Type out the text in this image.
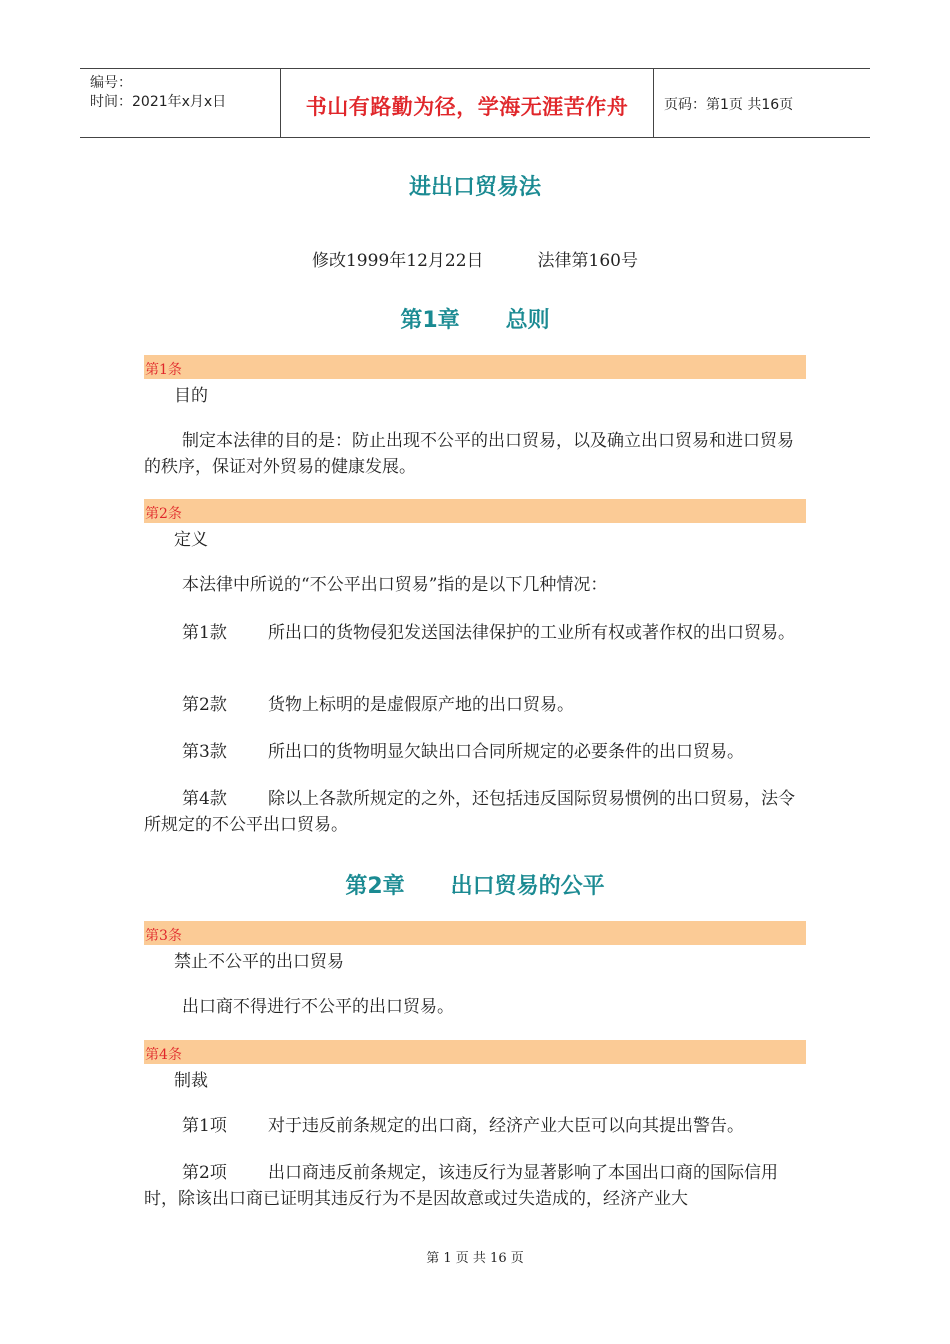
编号：
时间：2021年x月x日	书山有路勤为径，学海无涯苦作舟	页码：第1页 共16页
进出口贸易法
修改1999年12月22日          法律第160号
第1章      总则
第1条
目的
制定本法律的目的是：防止出现不公平的出口贸易，以及确立出口贸易和进口贸易的秩序，保证对外贸易的健康发展。
第2条
定义
本法律中所说的“不公平出口贸易”指的是以下几种情况：
第1款 所出口的货物侵犯发送国法律保护的工业所有权或著作权的出口贸易。
第2款 货物上标明的是虚假原产地的出口贸易。
第3款 所出口的货物明显欠缺出口合同所规定的必要条件的出口贸易。
第4款 除以上各款所规定的之外，还包括违反国际贸易惯例的出口贸易，法令所规定的不公平出口贸易。
第2章      出口贸易的公平
第3条
禁止不公平的出口贸易
出口商不得进行不公平的出口贸易。
第4条
制裁
第1项 对于违反前条规定的出口商，经济产业大臣可以向其提出警告。
第2项 出口商违反前条规定，该违反行为显著影响了本国出口商的国际信用时，除该出口商已证明其违反行为不是因故意或过失造成的，经济产业大
第 1 页 共 16 页
